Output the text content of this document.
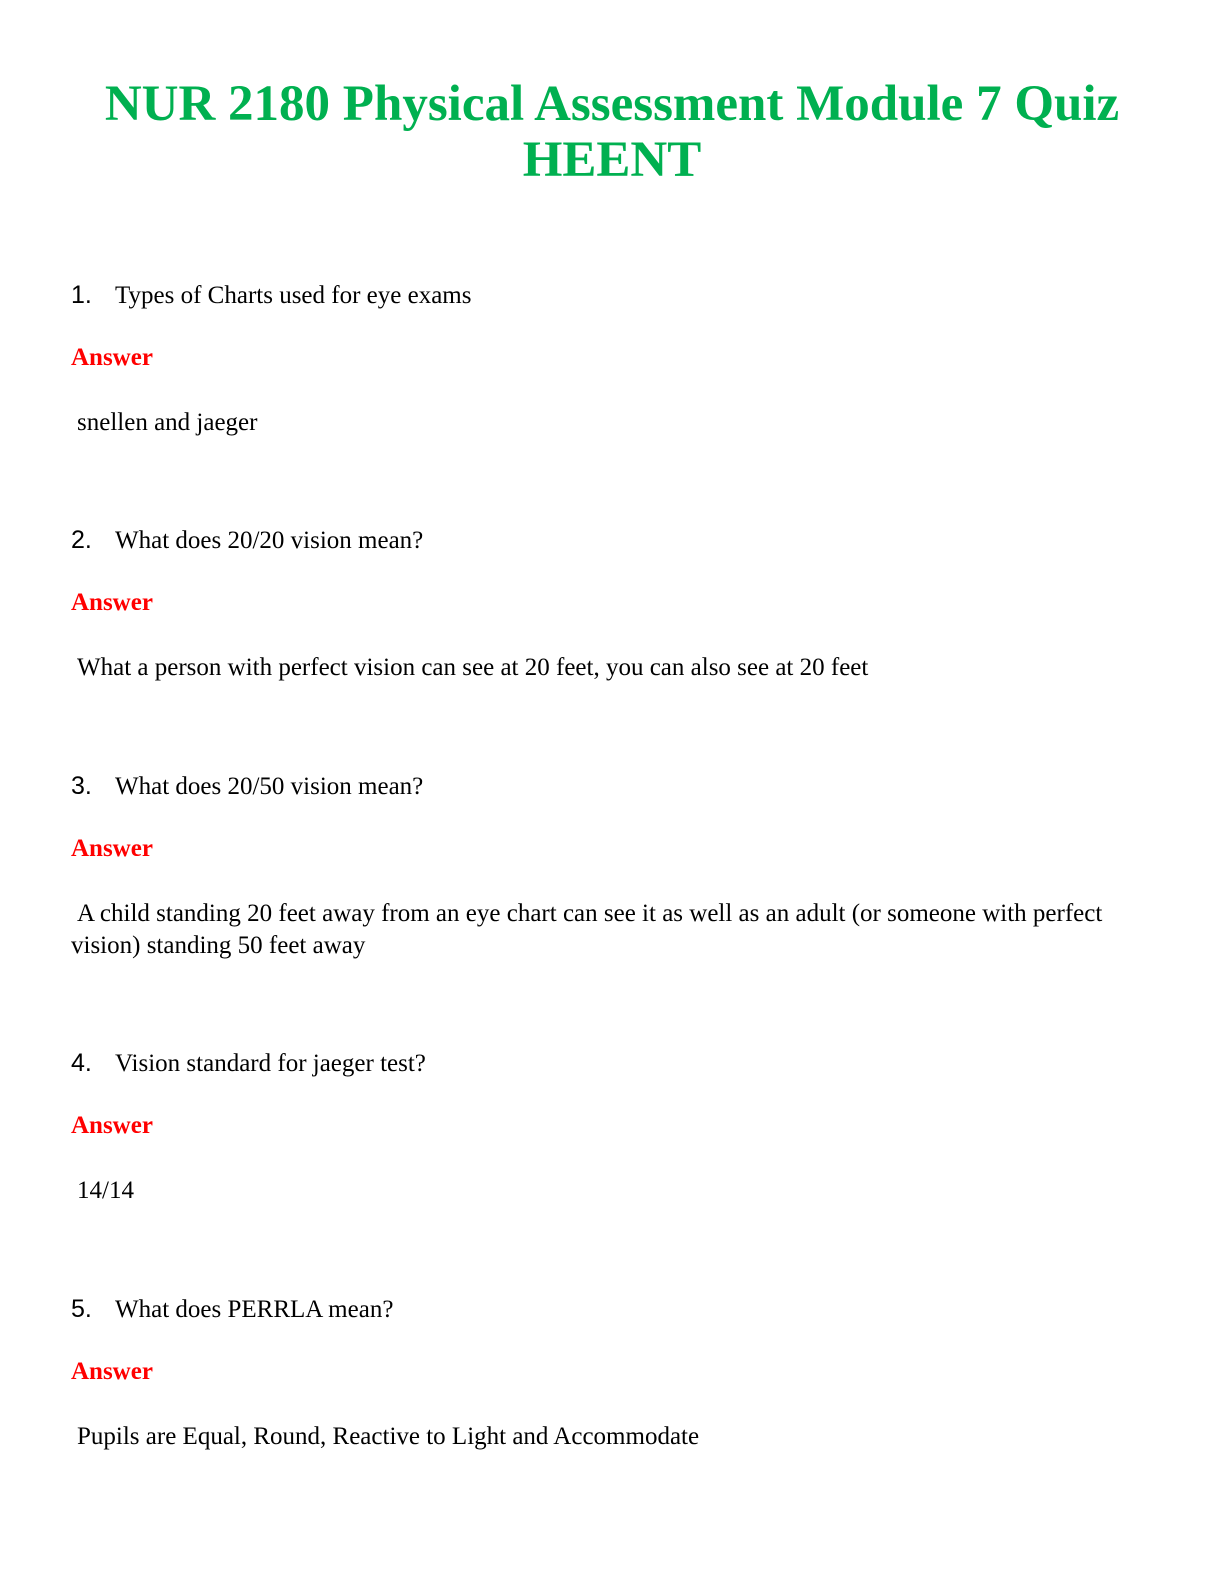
NUR 2180 Physical Assessment Module 7 Quiz
HEENT
1. Types of Charts used for eye exams
Answer
snellen and jaeger
2. What does 20/20 vision mean?
Answer
What a person with perfect vision can see at 20 feet, you can also see at 20 feet
3. What does 20/50 vision mean?
Answer
A child standing 20 feet away from an eye chart can see it as well as an adult (or someone with perfect vision) standing 50 feet away
4. Vision standard for jaeger test?
Answer
14/14
5. What does PERRLA mean?
Answer
Pupils are Equal, Round, Reactive to Light and Accommodate
